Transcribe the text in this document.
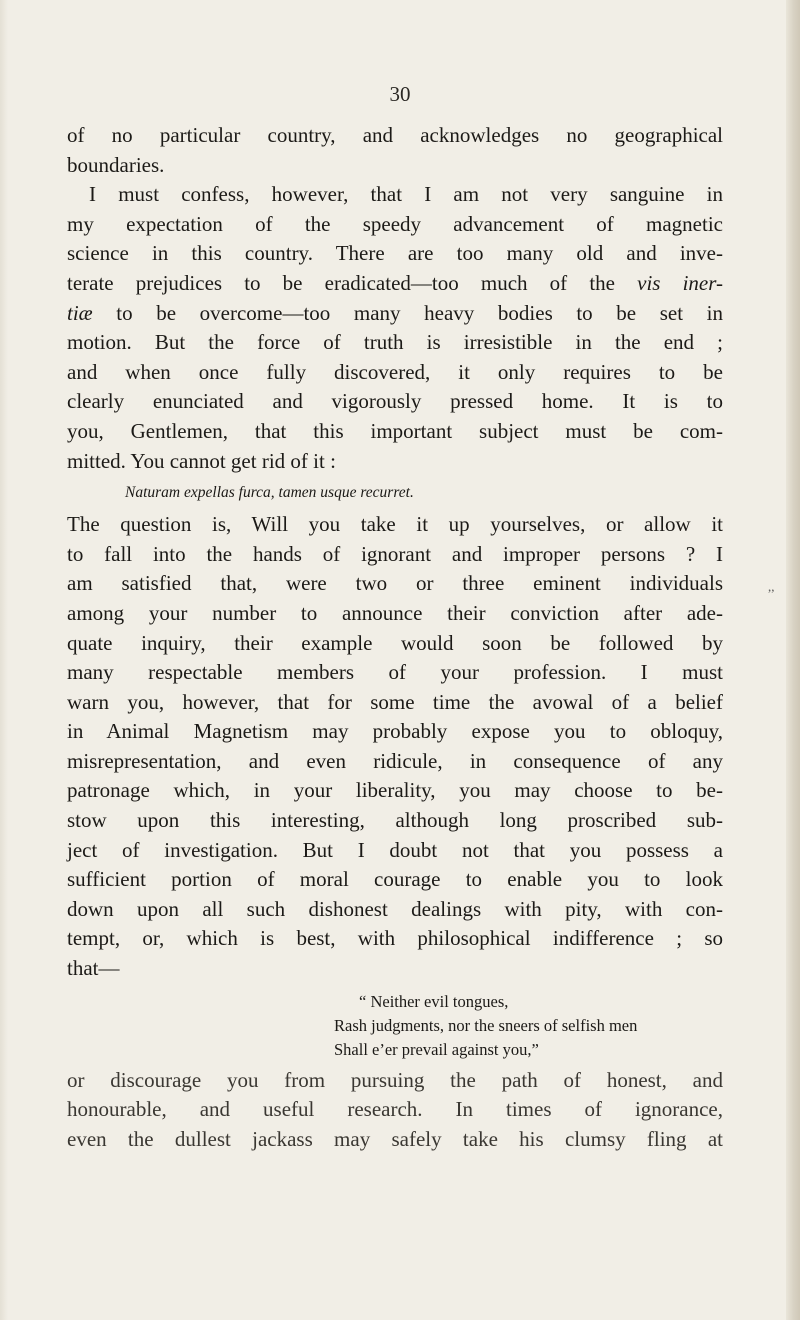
30
‚‚
of no particular country, and acknowledges no geographical
boundaries.
I must confess, however, that I am not very sanguine in
my expectation of the speedy advancement of magnetic
science in this country. There are too many old and inve-
terate prejudices to be eradicated—too much of the vis iner-
tiæ to be overcome—too many heavy bodies to be set in
motion. But the force of truth is irresistible in the end ;
and when once fully discovered, it only requires to be
clearly enunciated and vigorously pressed home. It is to
you, Gentlemen, that this important subject must be com-
mitted. You cannot get rid of it :
Naturam expellas furca, tamen usque recurret.
The question is, Will you take it up yourselves, or allow it
to fall into the hands of ignorant and improper persons ? I
am satisfied that, were two or three eminent individuals
among your number to announce their conviction after ade-
quate inquiry, their example would soon be followed by
many respectable members of your profession. I must
warn you, however, that for some time the avowal of a belief
in Animal Magnetism may probably expose you to obloquy,
misrepresentation, and even ridicule, in consequence of any
patronage which, in your liberality, you may choose to be-
stow upon this interesting, although long proscribed sub-
ject of investigation. But I doubt not that you possess a
sufficient portion of moral courage to enable you to look
down upon all such dishonest dealings with pity, with con-
tempt, or, which is best, with philosophical indifference ; so
that—
“ Neither evil tongues,
Rash judgments, nor the sneers of selfish men
Shall e’er prevail against you,”
or discourage you from pursuing the path of honest, and
honourable, and useful research. In times of ignorance,
even the dullest jackass may safely take his clumsy fling at
